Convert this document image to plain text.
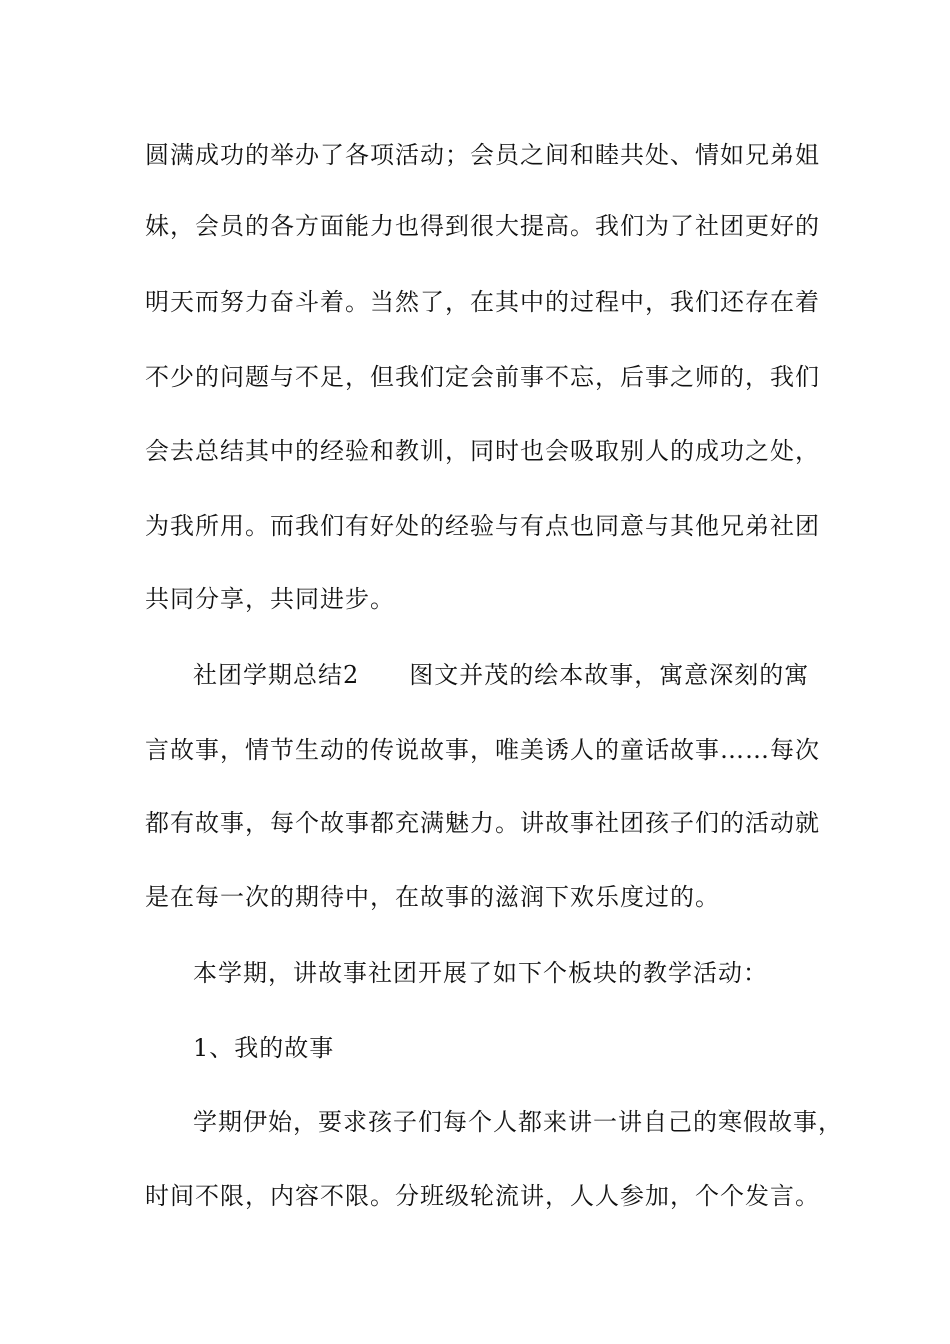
圆满成功的举办了各项活动；会员之间和睦共处、情如兄弟姐
妹，会员的各方面能力也得到很大提高。我们为了社团更好的
明天而努力奋斗着。当然了，在其中的过程中，我们还存在着
不少的问题与不足，但我们定会前事不忘，后事之师的，我们
会去总结其中的经验和教训，同时也会吸取别人的成功之处，
为我所用。而我们有好处的经验与有点也同意与其他兄弟社团
共同分享，共同进步。
社团学期总结2　　图文并茂的绘本故事，寓意深刻的寓
言故事，情节生动的传说故事，唯美诱人的童话故事……每次
都有故事，每个故事都充满魅力。讲故事社团孩子们的活动就
是在每一次的期待中，在故事的滋润下欢乐度过的。
本学期，讲故事社团开展了如下个板块的教学活动：
1、我的故事
学期伊始，要求孩子们每个人都来讲一讲自己的寒假故事，
时间不限，内容不限。分班级轮流讲，人人参加，个个发言。
